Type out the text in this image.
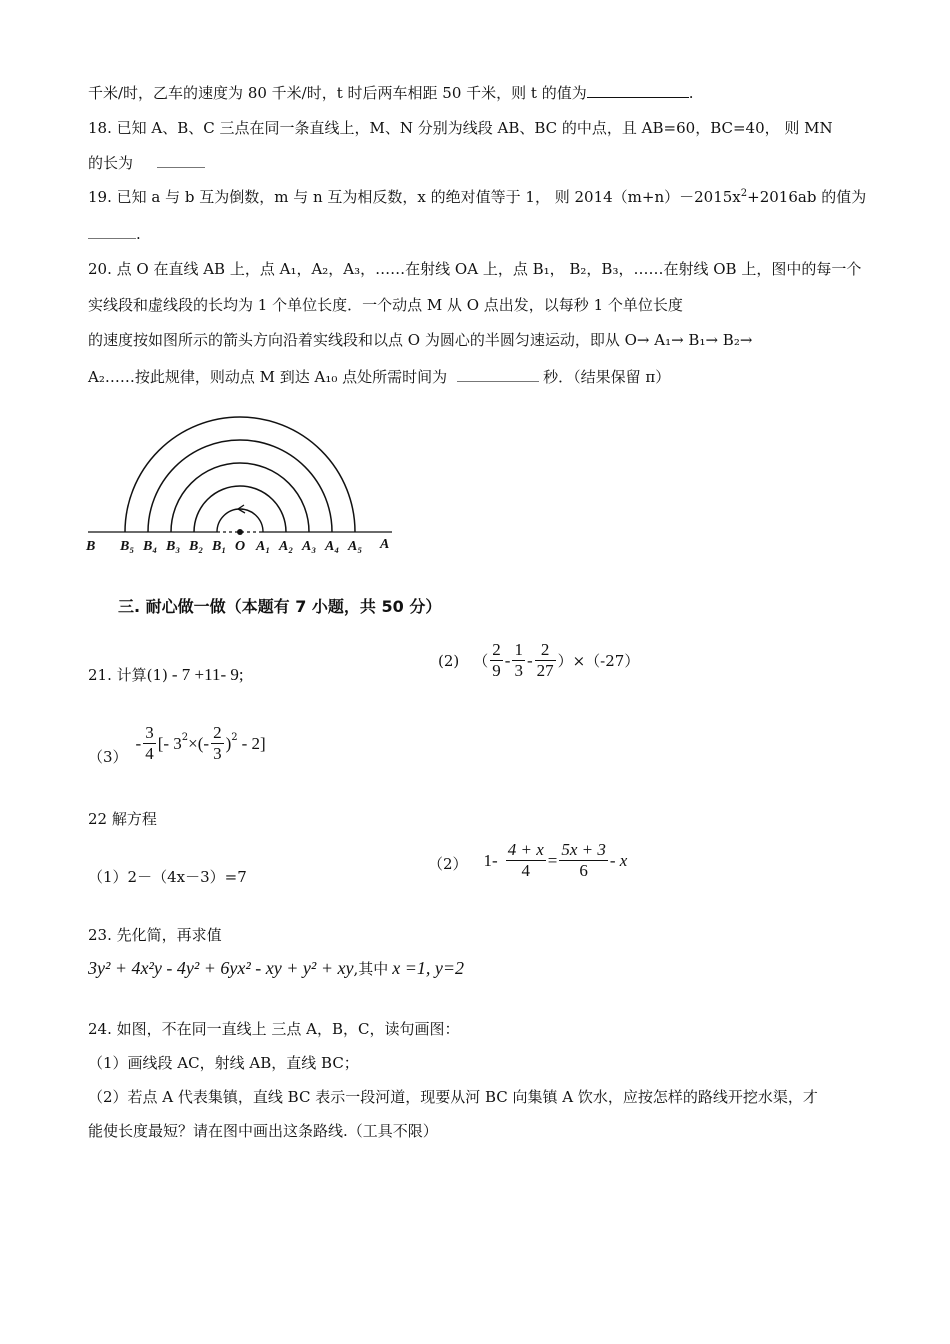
千米/时，乙车的速度为 80 千米/时，t 时后两车相距 50 千米，则 t 的值为	.
18. 已知 A、B、C 三点在同一条直线上，M、N 分别为线段 AB、BC 的中点，且 AB=60，BC=40， 则 MN
的长为
19. 已知 a 与 b 互为倒数，m 与 n 互为相反数，x 的绝对值等于 1， 则 $2014(m+n)-2015x^2+2016ab$ 的值为
.
20. 点 O 在直线 AB 上，点 A₁，A₂，A₃，……在射线 OA 上，点 B₁， B₂，B₃，……在射线 OB 上，图中的每一个
实线段和虚线段的长均为 1 个单位长度．一个动点 M 从 O 点出发，以每秒 1 个单位长度
的速度按如图所示的箭头方向沿着实线段和以点 O 为圆心的半圆匀速运动，即从 O→ A₁→ B₁→ B₂→
A₂……按此规律，则动点 M 到达 A₁₀ 点处所需时间为	秒．（结果保留 π）
B B₅ B₄ B₃ B₂ B₁ O A₁ A₂ A₃ A₄ A₅ A
三. 耐心做一做（本题有 7 小题，共 50 分）
21. 计算(1) - 7 +11- 9;
(2) （ $\frac{2}{9} - \frac{1}{3} - \frac{2}{27} )\times(-27)$
（3）
- $\frac{3}{4}$ [- $3^2$ ×(- $\frac{2}{3} )^2 - 2$]
22 解方程
（1）2－（4x－3）=7
（2） $1- \frac{4 + x}{4} = \frac{5x + 3}{6} - x$
23. 先化简，再求值
3y² + 4x²y - 4y² + 6yx² - xy + y² + xy,其中 x =1, y=2
24. 如图，不在同一直线上 三点 A，B，C，读句画图：
（1）画线段 AC，射线 AB，直线 BC；
（2）若点 A 代表集镇，直线 BC 表示一段河道，现要从河 BC 向集镇 A 饮水，应按怎样的路线开挖水渠，才
能使长度最短？请在图中画出这条路线.（工具不限）
